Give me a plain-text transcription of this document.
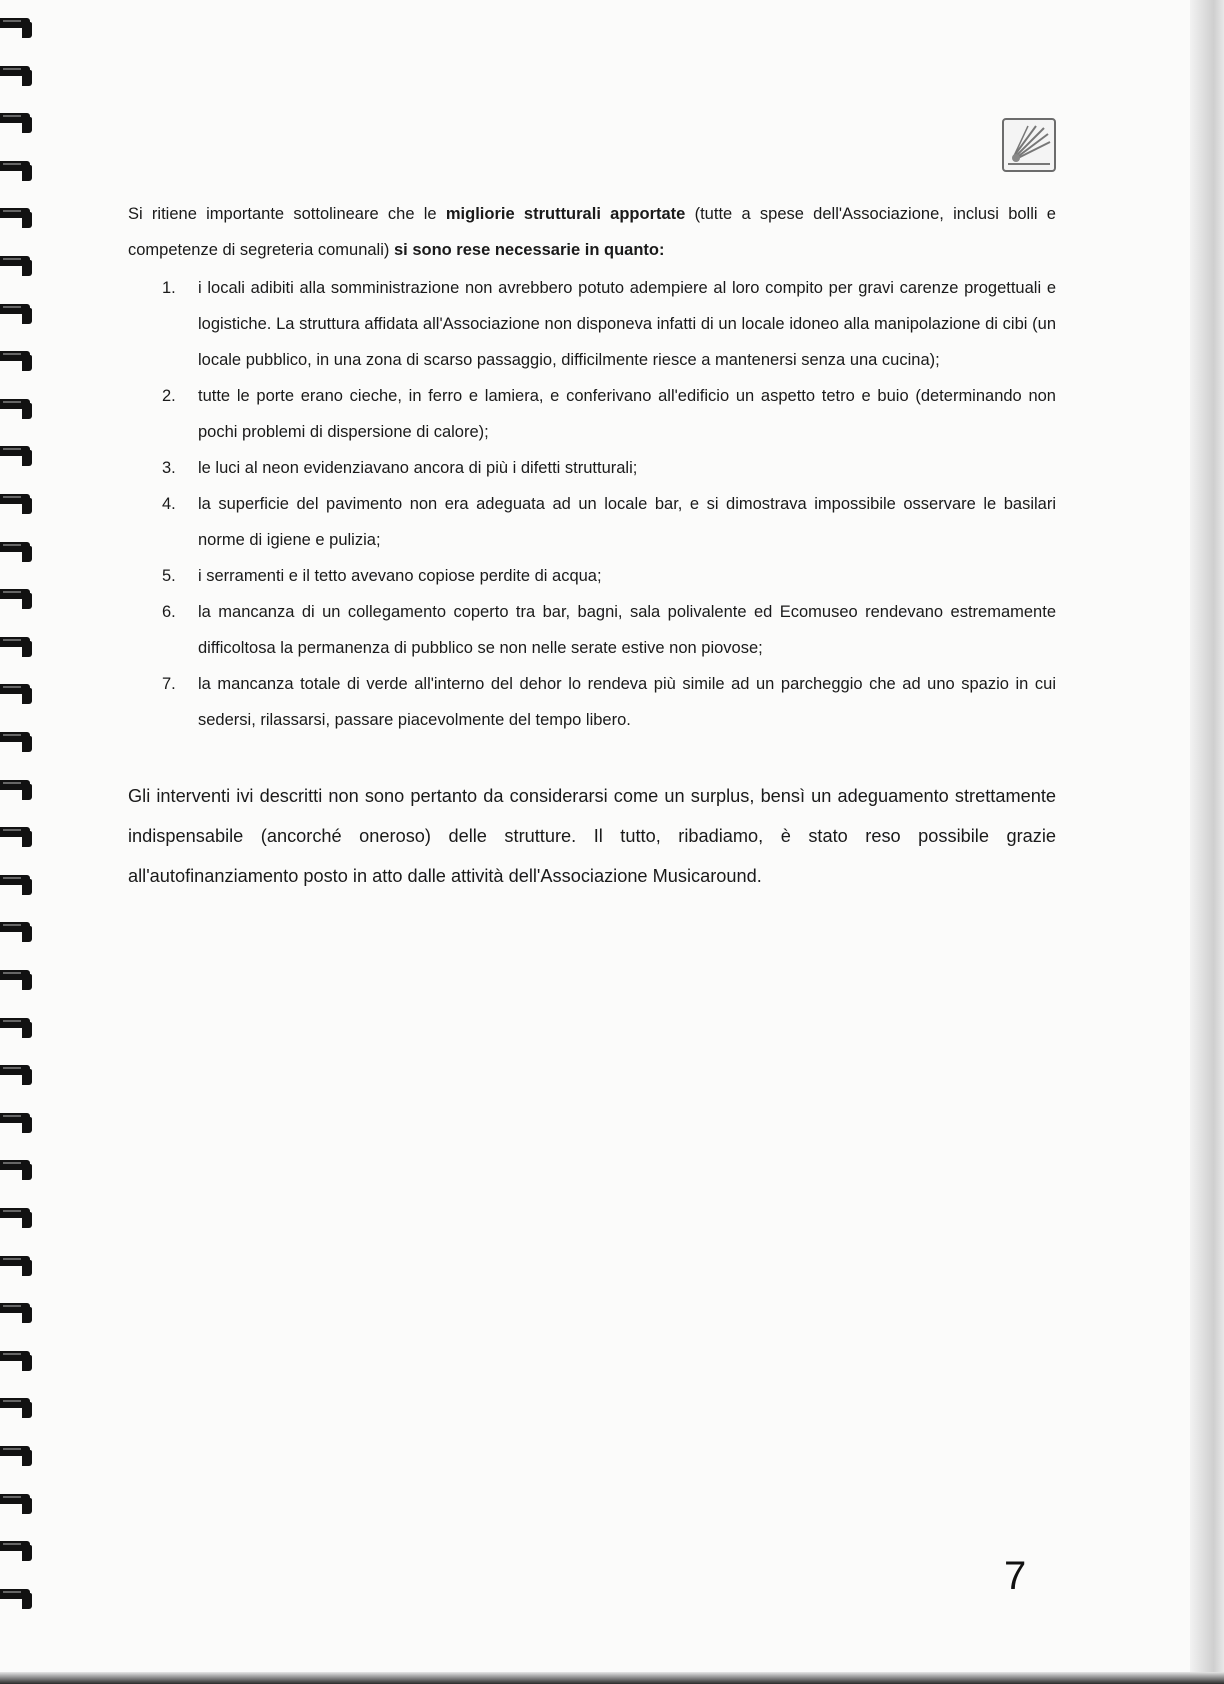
Si ritiene importante sottolineare che le migliorie strutturali apportate (tutte a spese dell'Associazione, inclusi bolli e competenze di segreteria comunali) si sono rese necessarie in quanto:

1. i locali adibiti alla somministrazione non avrebbero potuto adempiere al loro compito per gravi carenze progettuali e logistiche. La struttura affidata all'Associazione non disponeva infatti di un locale idoneo alla manipolazione di cibi (un locale pubblico, in una zona di scarso passaggio, difficilmente riesce a mantenersi senza una cucina);
2. tutte le porte erano cieche, in ferro e lamiera, e conferivano all'edificio un aspetto tetro e buio (determinando non pochi problemi di dispersione di calore);
3. le luci al neon evidenziavano ancora di più i difetti strutturali;
4. la superficie del pavimento non era adeguata ad un locale bar, e si dimostrava impossibile osservare le basilari norme di igiene e pulizia;
5. i serramenti e il tetto avevano copiose perdite di acqua;
6. la mancanza di un collegamento coperto tra bar, bagni, sala polivalente ed Ecomuseo rendevano estremamente difficoltosa la permanenza di pubblico se non nelle serate estive non piovose;
7. la mancanza totale di verde all'interno del dehor lo rendeva più simile ad un parcheggio che ad uno spazio in cui sedersi, rilassarsi, passare piacevolmente del tempo libero.

Gli interventi ivi descritti non sono pertanto da considerarsi come un surplus, bensì un adeguamento strettamente indispensabile (ancorché oneroso) delle strutture. Il tutto, ribadiamo, è stato reso possibile grazie all'autofinanziamento posto in atto dalle attività dell'Associazione Musicaround.

7
